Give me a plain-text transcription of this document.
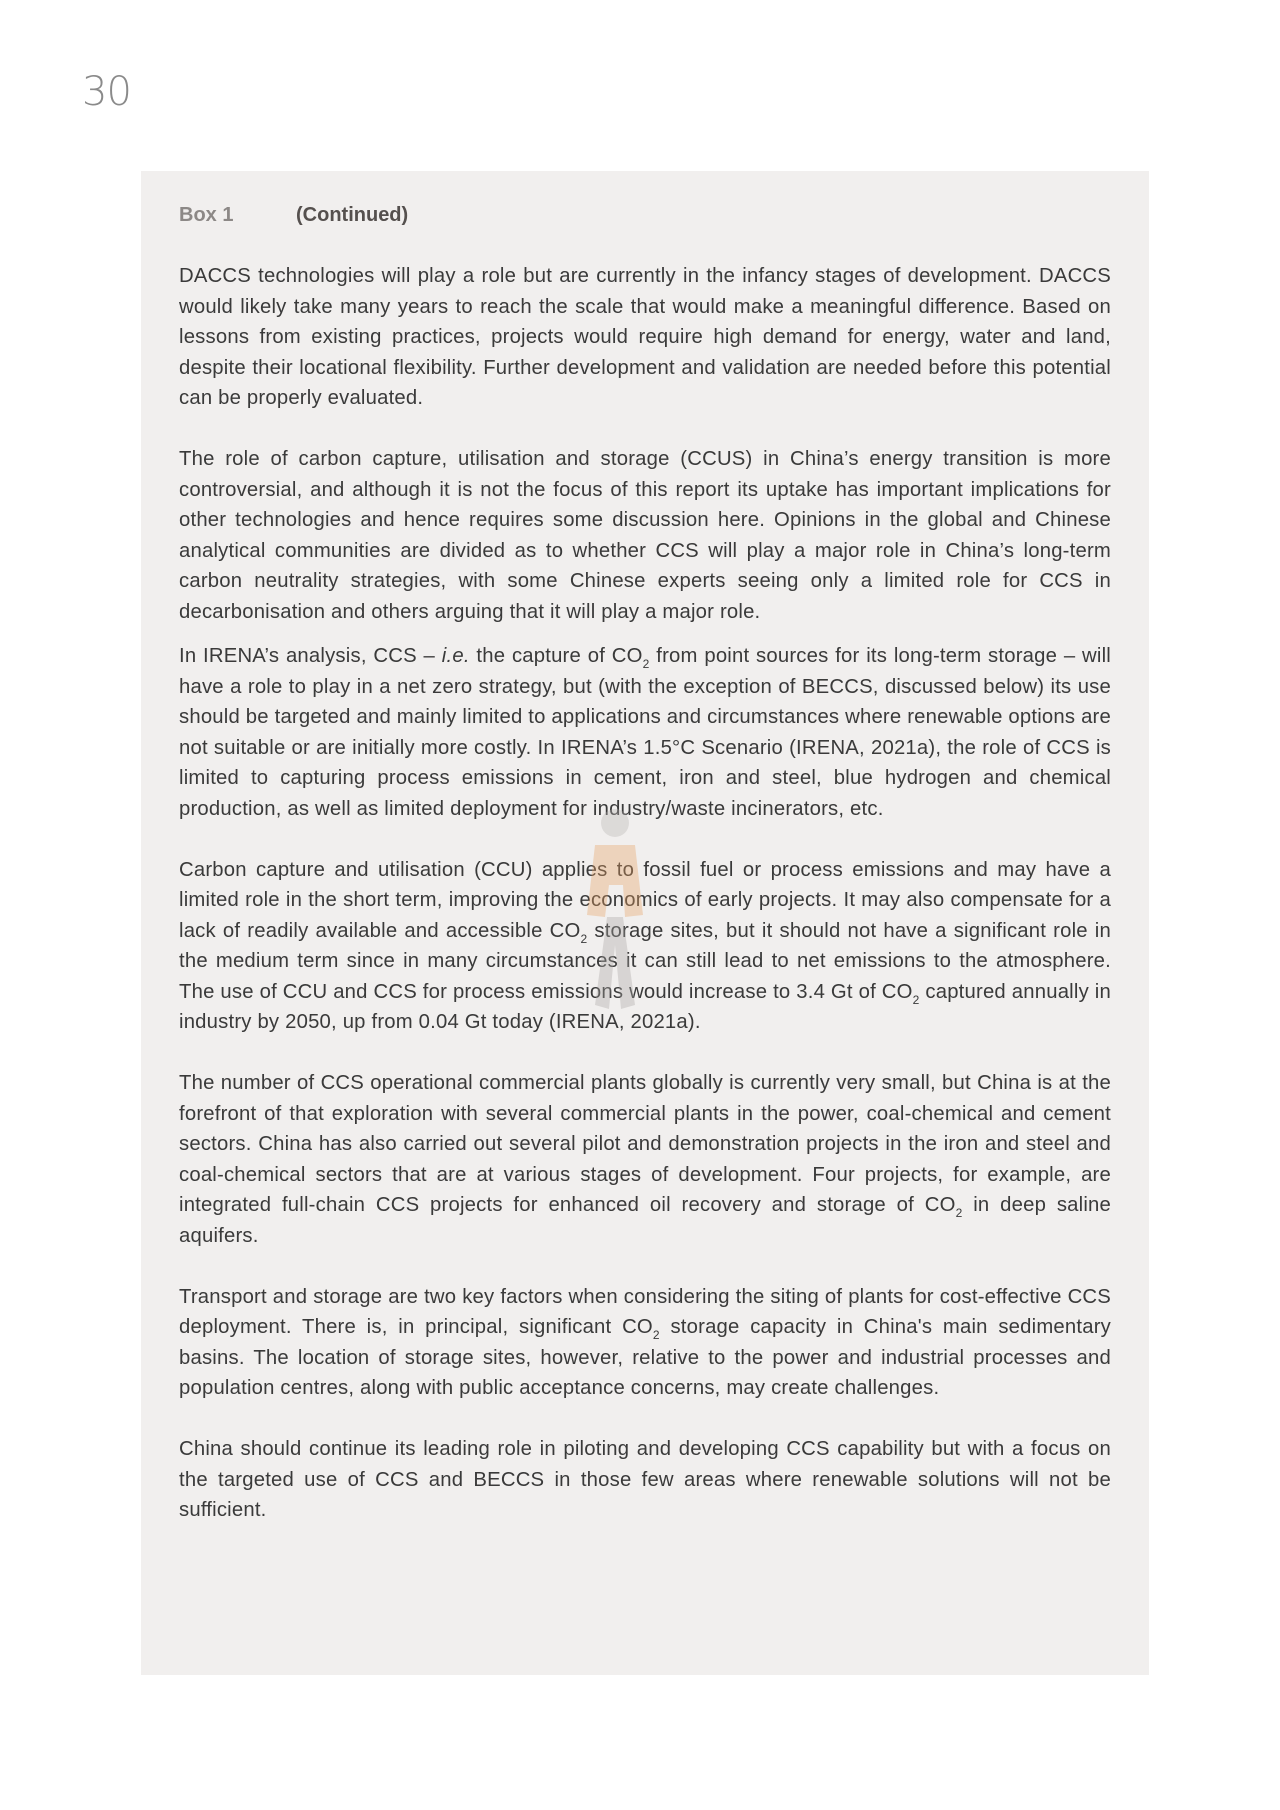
30
Box 1	(Continued)

DACCS technologies will play a role but are currently in the infancy stages of development. DACCS would likely take many years to reach the scale that would make a meaningful difference. Based on lessons from existing practices, projects would require high demand for energy, water and land, despite their locational flexibility. Further development and validation are needed before this potential can be properly evaluated.

The role of carbon capture, utilisation and storage (CCUS) in China’s energy transition is more controversial, and although it is not the focus of this report its uptake has important implications for other technologies and hence requires some discussion here. Opinions in the global and Chinese analytical communities are divided as to whether CCS will play a major role in China’s long-term carbon neutrality strategies, with some Chinese experts seeing only a limited role for CCS in decarbonisation and others arguing that it will play a major role.

In IRENA’s analysis, CCS – i.e. the capture of $CO_2$ from point sources for its long-term storage – will have a role to play in a net zero strategy, but (with the exception of BECCS, discussed below) its use should be targeted and mainly limited to applications and circumstances where renewable options are not suitable or are initially more costly. In IRENA’s 1.5°C Scenario (IRENA, 2021a), the role of CCS is limited to capturing process emissions in cement, iron and steel, blue hydrogen and chemical production, as well as limited deployment for industry/waste incinerators, etc.

Carbon capture and utilisation (CCU) applies to fossil fuel or process emissions and may have a limited role in the short term, improving the economics of early projects. It may also compensate for a lack of readily available and accessible $CO_2$ storage sites, but it should not have a significant role in the medium term since in many circumstances it can still lead to net emissions to the atmosphere. The use of CCU and CCS for process emissions would increase to 3.4 Gt of $CO_2$ captured annually in industry by 2050, up from 0.04 Gt today (IRENA, 2021a).

The number of CCS operational commercial plants globally is currently very small, but China is at the forefront of that exploration with several commercial plants in the power, coal-chemical and cement sectors. China has also carried out several pilot and demonstration projects in the iron and steel and coal-chemical sectors that are at various stages of development. Four projects, for example, are integrated full-chain CCS projects for enhanced oil recovery and storage of $CO_2$ in deep saline aquifers.

Transport and storage are two key factors when considering the siting of plants for cost-effective CCS deployment. There is, in principal, significant $CO_2$ storage capacity in China's main sedimentary basins. The location of storage sites, however, relative to the power and industrial processes and population centres, along with public acceptance concerns, may create challenges.

China should continue its leading role in piloting and developing CCS capability but with a focus on the targeted use of CCS and BECCS in those few areas where renewable solutions will not be sufficient.
